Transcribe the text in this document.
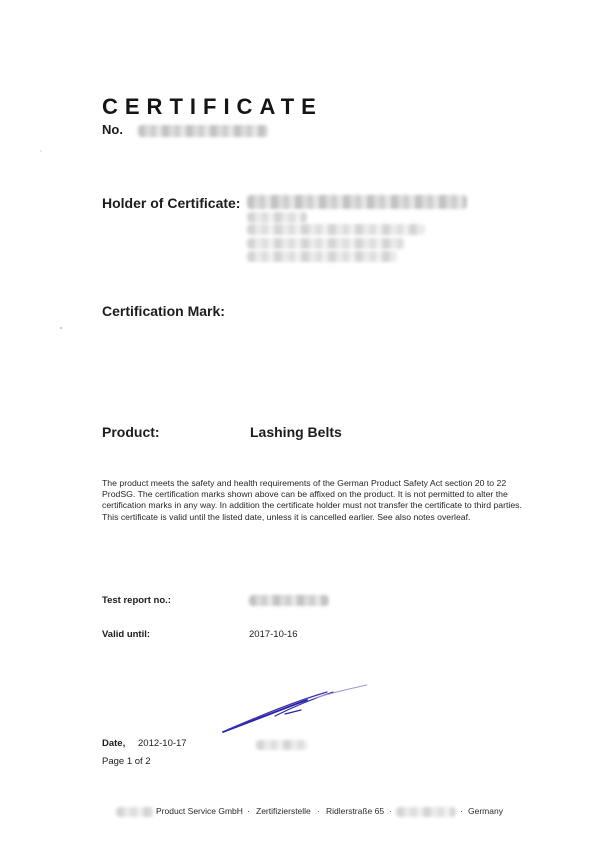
CERTIFICATE
No.
Holder of Certificate:
Certification Mark:
Product:	Lashing Belts
The product meets the safety and health requirements of the German Product Safety Act section 20 to 22 ProdSG. The certification marks shown above can be affixed on the product. It is not permitted to alter the certification marks in any way. In addition the certificate holder must not transfer the certificate to third parties. This certificate is valid until the listed date, unless it is cancelled earlier. See also notes overleaf.
Test report no.:
Valid until:	2017-10-16
Date, 2012-10-17
Page 1 of 2
Product Service GmbH · Zertifizierstelle · Ridlerstraße 65 ·	· Germany
